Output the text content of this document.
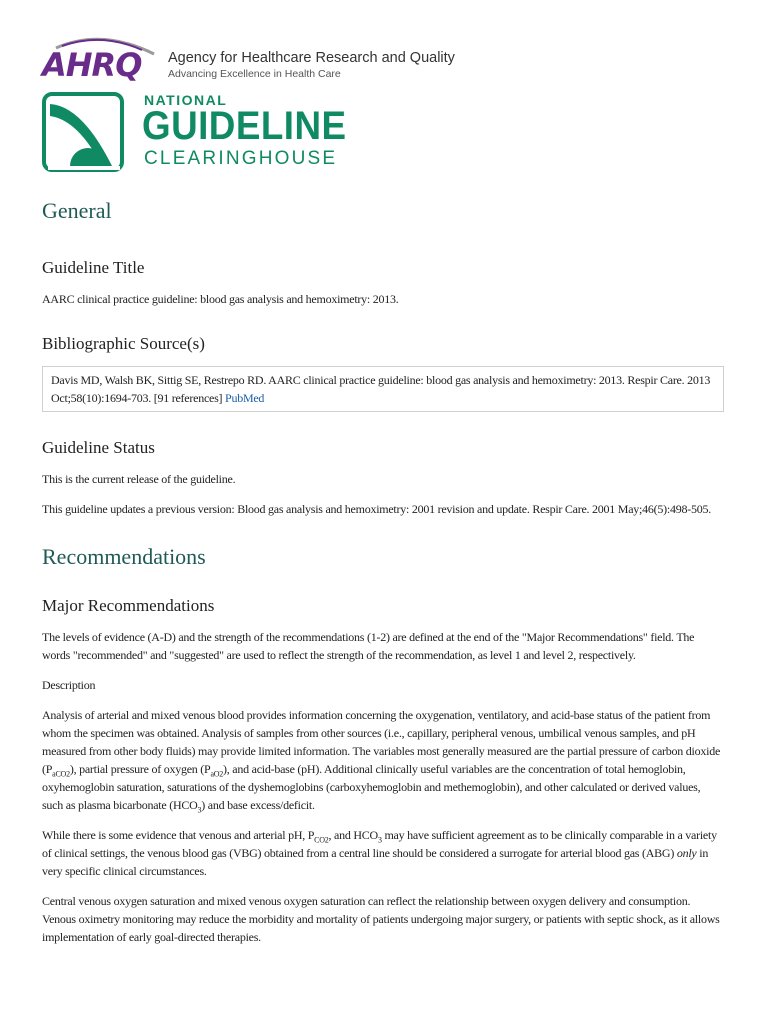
AHRQ Agency for Healthcare Research and Quality
Advancing Excellence in Health Care
NATIONAL
GUIDELINE
CLEARINGHOUSE
General
Guideline Title

AARC clinical practice guideline: blood gas analysis and hemoximetry: 2013.

Bibliographic Source(s)
Davis MD, Walsh BK, Sittig SE, Restrepo RD. AARC clinical practice guideline: blood gas analysis and hemoximetry: 2013. Respir Care. 2013 Oct;58(10):1694-703. [91 references] PubMed
Guideline Status

This is the current release of the guideline.

This guideline updates a previous version: Blood gas analysis and hemoximetry: 2001 revision and update. Respir Care. 2001 May;46(5):498-505.

Recommendations
Major Recommendations

The levels of evidence (A-D) and the strength of the recommendations (1-2) are defined at the end of the "Major Recommendations" field. The words "recommended" and "suggested" are used to reflect the strength of the recommendation, as level 1 and level 2, respectively.

Description

Analysis of arterial and mixed venous blood provides information concerning the oxygenation, ventilatory, and acid-base status of the patient from whom the specimen was obtained. Analysis of samples from other sources (i.e., capillary, peripheral venous, umbilical venous samples, and pH measured from other body fluids) may provide limited information. The variables most generally measured are the partial pressure of carbon dioxide $(P_{aCO2})$, partial pressure of oxygen $(P_{aO2})$, and acid-base (pH). Additional clinically useful variables are the concentration of total hemoglobin, oxyhemoglobin saturation, saturations of the dyshemoglobins (carboxyhemoglobin and methemoglobin), and other calculated or derived values, such as plasma bicarbonate $(HCO_3)$ and base excess/deficit.

While there is some evidence that venous and arterial pH, $P_{CO2}$, and $HCO_3$ may have sufficient agreement as to be clinically comparable in a variety of clinical settings, the venous blood gas (VBG) obtained from a central line should be considered a surrogate for arterial blood gas (ABG) only in very specific clinical circumstances.

Central venous oxygen saturation and mixed venous oxygen saturation can reflect the relationship between oxygen delivery and consumption. Venous oximetry monitoring may reduce the morbidity and mortality of patients undergoing major surgery, or patients with septic shock, as it allows implementation of early goal-directed therapies.
